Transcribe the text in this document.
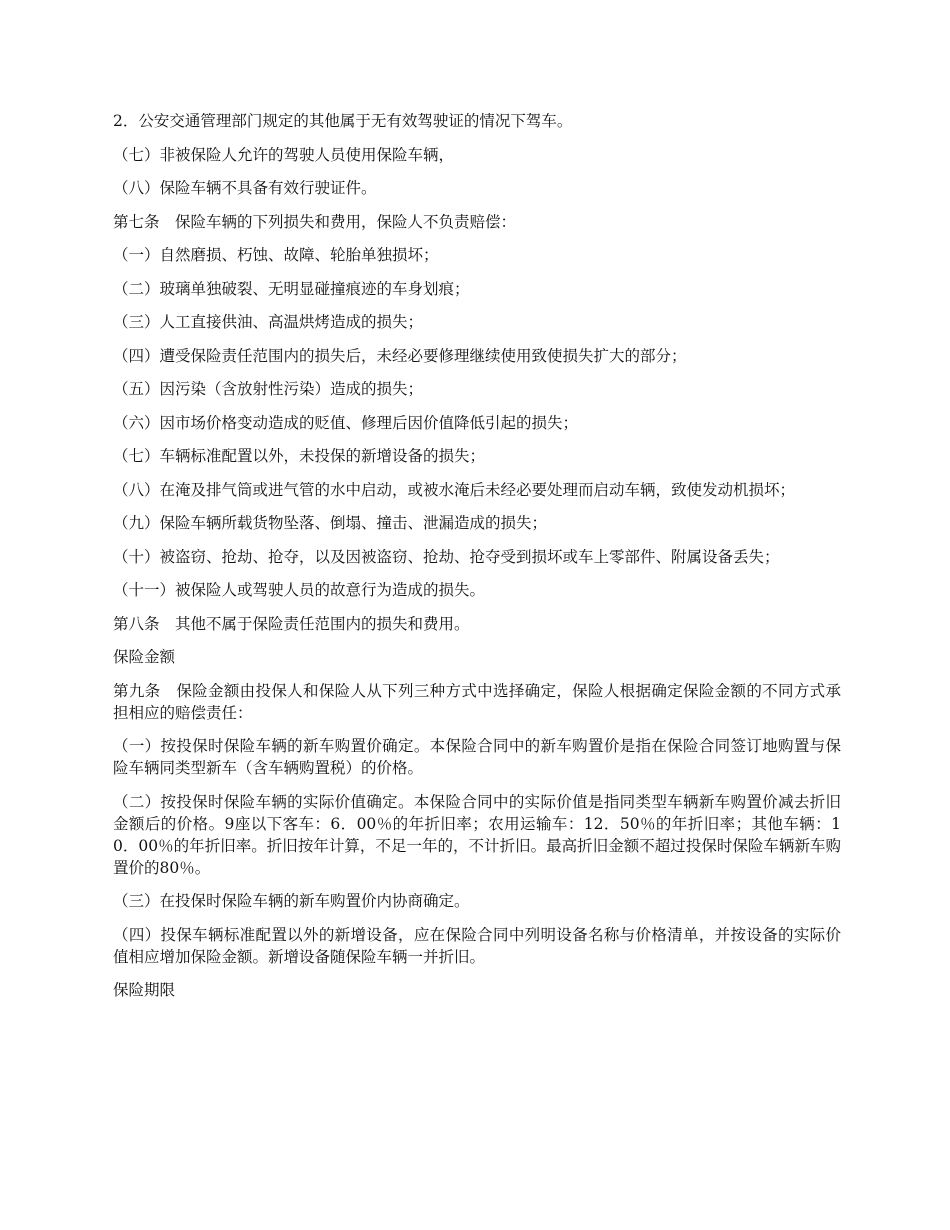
2．公安交通管理部门规定的其他属于无有效驾驶证的情况下驾车。

（七）非被保险人允许的驾驶人员使用保险车辆，

（八）保险车辆不具备有效行驶证件。

第七条　保险车辆的下列损失和费用，保险人不负责赔偿：

（一）自然磨损、朽蚀、故障、轮胎单独损坏；

（二）玻璃单独破裂、无明显碰撞痕迹的车身划痕；

（三）人工直接供油、高温烘烤造成的损失；

（四）遭受保险责任范围内的损失后，未经必要修理继续使用致使损失扩大的部分；

（五）因污染（含放射性污染）造成的损失；

（六）因市场价格变动造成的贬值、修理后因价值降低引起的损失；

（七）车辆标准配置以外，未投保的新增设备的损失；

（八）在淹及排气筒或进气管的水中启动，或被水淹后未经必要处理而启动车辆，致使发动机损坏；

（九）保险车辆所载货物坠落、倒塌、撞击、泄漏造成的损失；

（十）被盗窃、抢劫、抢夺，以及因被盗窃、抢劫、抢夺受到损坏或车上零部件、附属设备丢失；

（十一）被保险人或驾驶人员的故意行为造成的损失。

第八条　其他不属于保险责任范围内的损失和费用。

保险金额

第九条　保险金额由投保人和保险人从下列三种方式中选择确定，保险人根据确定保险金额的不同方式承担相应的赔偿责任：

（一）按投保时保险车辆的新车购置价确定。本保险合同中的新车购置价是指在保险合同签订地购置与保险车辆同类型新车（含车辆购置税）的价格。

（二）按投保时保险车辆的实际价值确定。本保险合同中的实际价值是指同类型车辆新车购置价减去折旧金额后的价格。9座以下客车：6．00％的年折旧率；农用运输车：12．50％的年折旧率；其他车辆：10．00％的年折旧率。折旧按年计算，不足一年的，不计折旧。最高折旧金额不超过投保时保险车辆新车购置价的80％。

（三）在投保时保险车辆的新车购置价内协商确定。

（四）投保车辆标准配置以外的新增设备，应在保险合同中列明设备名称与价格清单，并按设备的实际价值相应增加保险金额。新增设备随保险车辆一并折旧。

保险期限
